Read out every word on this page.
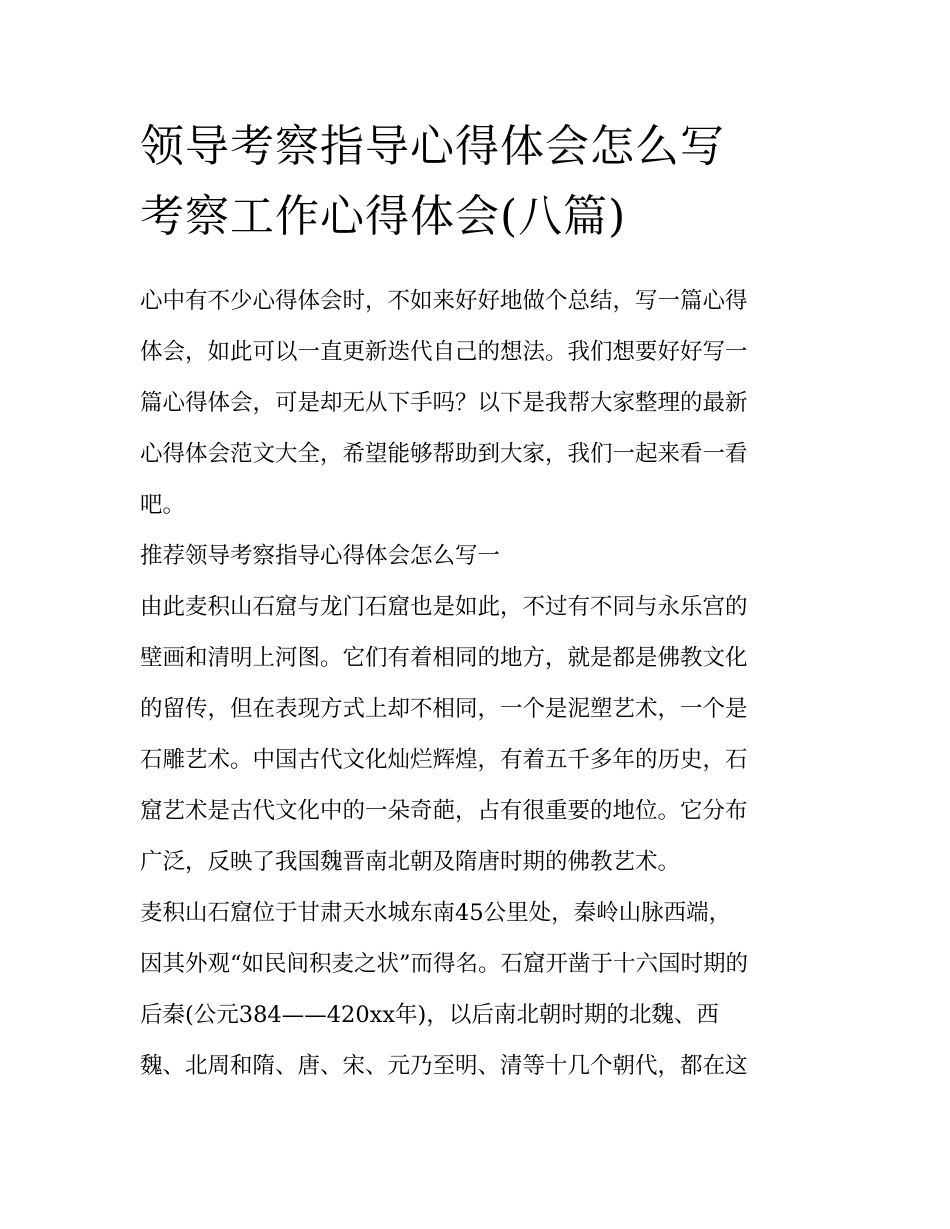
领导考察指导心得体会怎么写
考察工作心得体会(八篇)
心中有不少心得体会时，不如来好好地做个总结，写一篇心得
体会，如此可以一直更新迭代自己的想法。我们想要好好写一
篇心得体会，可是却无从下手吗？以下是我帮大家整理的最新
心得体会范文大全，希望能够帮助到大家，我们一起来看一看
吧。
推荐领导考察指导心得体会怎么写一
由此麦积山石窟与龙门石窟也是如此，不过有不同与永乐宫的
壁画和清明上河图。它们有着相同的地方，就是都是佛教文化
的留传，但在表现方式上却不相同，一个是泥塑艺术，一个是
石雕艺术。中国古代文化灿烂辉煌，有着五千多年的历史，石
窟艺术是古代文化中的一朵奇葩，占有很重要的地位。它分布
广泛，反映了我国魏晋南北朝及隋唐时期的佛教艺术。
麦积山石窟位于甘肃天水城东南45公里处，秦岭山脉西端，
因其外观“如民间积麦之状”而得名。石窟开凿于十六国时期的
后秦(公元384——420xx年)，以后南北朝时期的北魏、西
魏、北周和隋、唐、宋、元乃至明、清等十几个朝代，都在这
